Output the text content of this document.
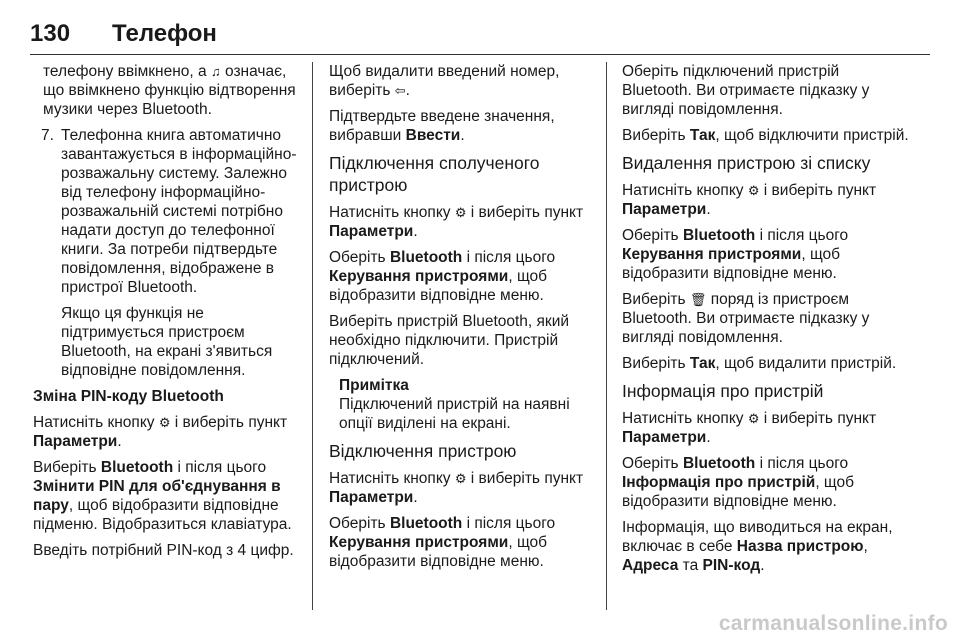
130 Телефон

телефону ввімкнено, а ♫ означає, що ввімкнено функцію відтворення музики через Bluetooth.

7. Телефонна книга автоматично завантажується в інформаційно-розважальну систему. Залежно від телефону інформаційно-розважальній системі потрібно надати доступ до телефонної книги. За потреби підтвердьте повідомлення, відображене в пристрої Bluetooth.

Якщо ця функція не підтримується пристроєм Bluetooth, на екрані з'явиться відповідне повідомлення.

Зміна PIN-коду Bluetooth

Натисніть кнопку ⚙ і виберіть пункт Параметри.

Виберіть Bluetooth і після цього Змінити PIN для об'єднування в пару, щоб відобразити відповідне підменю. Відобразиться клавіатура.

Введіть потрібний PIN-код з 4 цифр.

Щоб видалити введений номер, виберіть ⇦.

Підтвердьте введене значення, вибравши Ввести.

Підключення сполученого пристрою

Натисніть кнопку ⚙ і виберіть пункт Параметри.

Оберіть Bluetooth і після цього Керування пристроями, щоб відобразити відповідне меню.

Виберіть пристрій Bluetooth, який необхідно підключити. Пристрій підключений.

Примітка

Підключений пристрій на наявні опції виділені на екрані.

Відключення пристрою

Натисніть кнопку ⚙ і виберіть пункт Параметри.

Оберіть Bluetooth і після цього Керування пристроями, щоб відобразити відповідне меню.

Оберіть підключений пристрій Bluetooth. Ви отримаєте підказку у вигляді повідомлення.

Виберіть Так, щоб відключити пристрій.

Видалення пристрою зі списку

Натисніть кнопку ⚙ і виберіть пункт Параметри.

Оберіть Bluetooth і після цього Керування пристроями, щоб відобразити відповідне меню.

Виберіть 🗑 поряд із пристроєм Bluetooth. Ви отримаєте підказку у вигляді повідомлення.

Виберіть Так, щоб видалити пристрій.

Інформація про пристрій

Натисніть кнопку ⚙ і виберіть пункт Параметри.

Оберіть Bluetooth і після цього Інформація про пристрій, щоб відобразити відповідне меню.

Інформація, що виводиться на екран, включає в себе Назва пристрою, Адреса та PIN-код.

carmanualsonline.info
